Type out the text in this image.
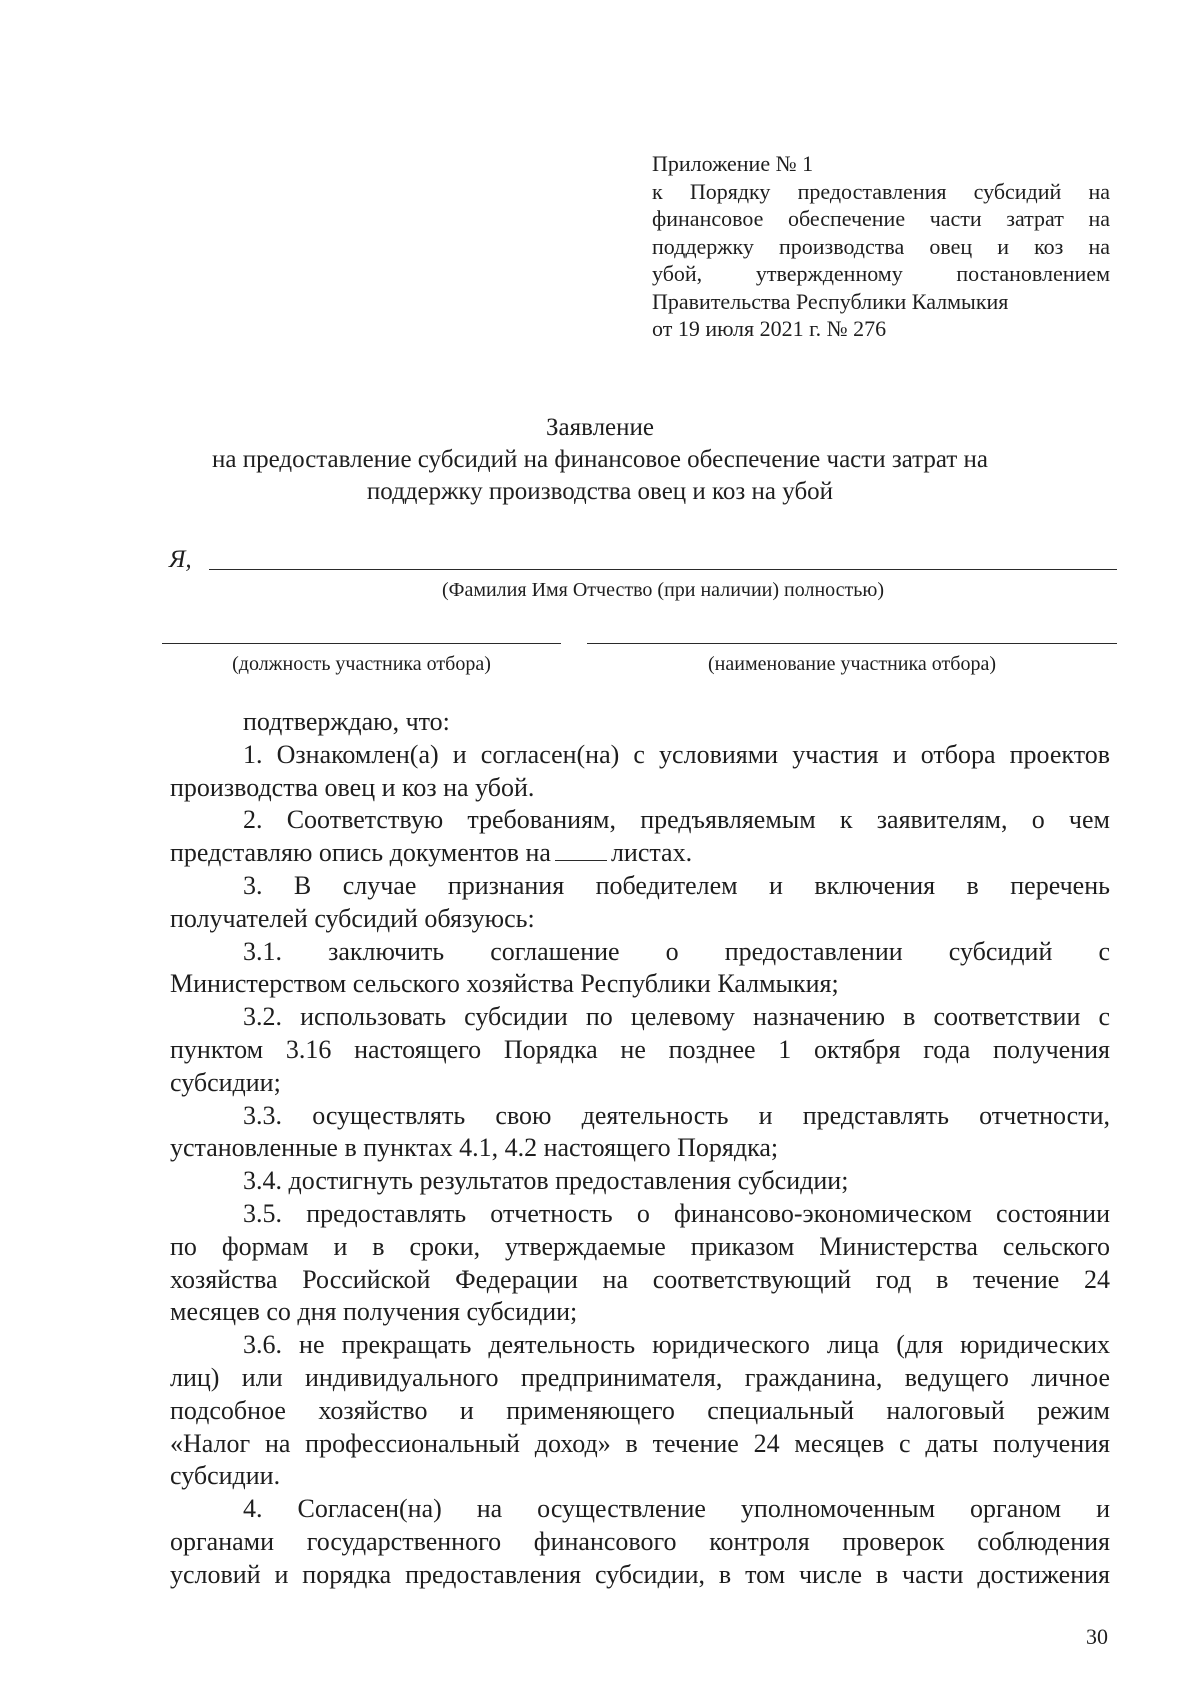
Приложение № 1
к Порядку предоставления субсидий на
финансовое обеспечение части затрат на
поддержку производства овец и коз на
убой, утвержденному постановлением
Правительства Республики Калмыкия
от 19 июля 2021 г. № 276
Заявление
на предоставление субсидий на финансовое обеспечение части затрат на
поддержку производства овец и коз на убой
Я,
(Фамилия Имя Отчество (при наличии) полностью)
(должность участника отбора)	(наименование участника отбора)
подтверждаю, что:
1. Ознакомлен(а) и согласен(на) с условиями участия и отбора проектов
производства овец и коз на убой.
2. Соответствую требованиям, предъявляемым к заявителям, о чем
представляю опись документов на листах.
3. В случае признания победителем и включения в перечень
получателей субсидий обязуюсь:
3.1. заключить соглашение о предоставлении субсидий с
Министерством сельского хозяйства Республики Калмыкия;
3.2. использовать субсидии по целевому назначению в соответствии с
пунктом 3.16 настоящего Порядка не позднее 1 октября года получения
субсидии;
3.3. осуществлять свою деятельность и представлять отчетности,
установленные в пунктах 4.1, 4.2 настоящего Порядка;
3.4. достигнуть результатов предоставления субсидии;
3.5. предоставлять отчетность о финансово-экономическом состоянии
по формам и в сроки, утверждаемые приказом Министерства сельского
хозяйства Российской Федерации на соответствующий год в течение 24
месяцев со дня получения субсидии;
3.6. не прекращать деятельность юридического лица (для юридических
лиц) или индивидуального предпринимателя, гражданина, ведущего личное
подсобное хозяйство и применяющего специальный налоговый режим
«Налог на профессиональный доход» в течение 24 месяцев с даты получения
субсидии.
4. Согласен(на) на осуществление уполномоченным органом и
органами государственного финансового контроля проверок соблюдения
условий и порядка предоставления субсидии, в том числе в части достижения
30
